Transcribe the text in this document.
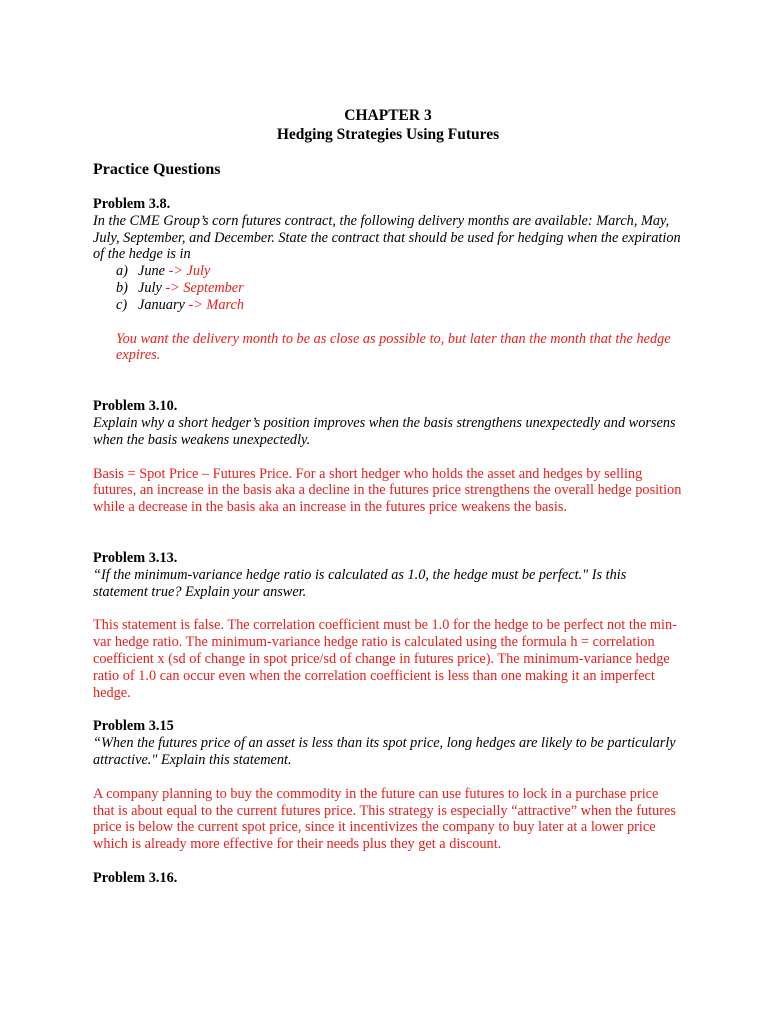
CHAPTER 3
Hedging Strategies Using Futures
Practice Questions
Problem 3.8.
In the CME Group’s corn futures contract, the following delivery months are available: March, May, July, September, and December. State the contract that should be used for hedging when the expiration of the hedge is in
a) June -> July
b) July -> September
c) January -> March
You want the delivery month to be as close as possible to, but later than the month that the hedge expires.
Problem 3.10.
Explain why a short hedger’s position improves when the basis strengthens unexpectedly and worsens when the basis weakens unexpectedly.
Basis = Spot Price – Futures Price. For a short hedger who holds the asset and hedges by selling futures, an increase in the basis aka a decline in the futures price strengthens the overall hedge position while a decrease in the basis aka an increase in the futures price weakens the basis.
Problem 3.13.
“If the minimum-variance hedge ratio is calculated as 1.0, the hedge must be perfect." Is this statement true? Explain your answer.
This statement is false. The correlation coefficient must be 1.0 for the hedge to be perfect not the min-var hedge ratio. The minimum-variance hedge ratio is calculated using the formula h = correlation coefficient x (sd of change in spot price/sd of change in futures price). The minimum-variance hedge ratio of 1.0 can occur even when the correlation coefficient is less than one making it an imperfect hedge.
Problem 3.15
“When the futures price of an asset is less than its spot price, long hedges are likely to be particularly attractive." Explain this statement.
A company planning to buy the commodity in the future can use futures to lock in a purchase price that is about equal to the current futures price. This strategy is especially “attractive” when the futures price is below the current spot price, since it incentivizes the company to buy later at a lower price which is already more effective for their needs plus they get a discount.
Problem 3.16.
